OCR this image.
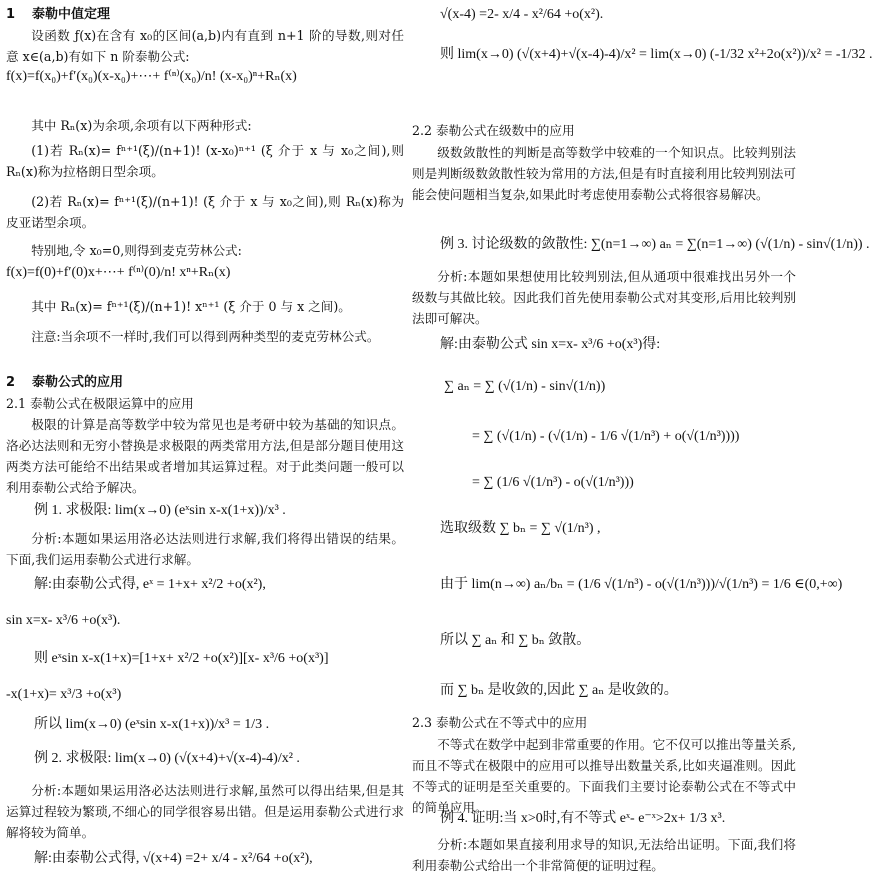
1 泰勒中值定理

设函数 ƒ(x)在含有 x₀的区间(a,b)内有直到 n+1 阶的导数,则对任意 x∈(a,b)有如下 n 阶泰勒公式:

f(x)=f(x₀)+f′(x₀)(x-x₀)+⋯+ f⁽ⁿ⁾(x₀)/n! (x-x₀)ⁿ+Rₙ(x)

其中 Rₙ(x)为余项,余项有以下两种形式:

(1)若 Rₙ(x)= fⁿ⁺¹(ξ)/(n+1)! (x-x₀)ⁿ⁺¹ (ξ 介于 x 与 x₀之间),则 Rₙ(x)称为拉格朗日型余项。

(2)若 Rₙ(x)= fⁿ⁺¹(ξ)/(n+1)! (ξ 介于 x 与 x₀之间),则 Rₙ(x)称为皮亚诺型余项。

特别地,令 x₀=0,则得到麦克劳林公式:

f(x)=f(0)+f′(0)x+⋯+ f⁽ⁿ⁾(0)/n! xⁿ+Rₙ(x)

其中 Rₙ(x)= fⁿ⁺¹(ξ)/(n+1)! xⁿ⁺¹ (ξ 介于 0 与 x 之间)。

注意:当余项不一样时,我们可以得到两种类型的麦克劳林公式。

2 泰勒公式的应用
2.1 泰勒公式在极限运算中的应用

极限的计算是高等数学中较为常见也是考研中较为基础的知识点。洛必达法则和无穷小替换是求极限的两类常用方法,但是部分题目使用这两类方法可能给不出结果或者增加其运算过程。对于此类问题一般可以利用泰勒公式给予解决。

例 1. 求极限: lim(x→0) (eˣsin x-x(1+x))/x³ .

分析:本题如果运用洛必达法则进行求解,我们将得出错误的结果。下面,我们运用泰勒公式进行求解。

解:由泰勒公式得, eˣ = 1+x+ x²/2 +o(x²),
sin x=x- x³/6 +o(x³).
则 eˣsin x-x(1+x)=[1+x+ x²/2 +o(x²)][x- x³/6 +o(x³)]
-x(1+x)= x³/3 +o(x³)
所以 lim(x→0) (eˣsin x-x(1+x))/x³ = 1/3 .
例 2. 求极限: lim(x→0) (√(x+4)+√(x-4)-4)/x² .

分析:本题如果运用洛必达法则进行求解,虽然可以得出结果,但是其运算过程较为繁琐,不细心的同学很容易出错。但是运用泰勒公式进行求解将较为简单。

解:由泰勒公式得, √(x+4) =2+ x/4 - x²/64 +o(x²),
√(x-4) =2- x/4 - x²/64 +o(x²).
则 lim(x→0) (√(x+4)+√(x-4)-4)/x² = lim(x→0) (-1/32 x²+2o(x²))/x² = -1/32 .
2.2 泰勒公式在级数中的应用

级数敛散性的判断是高等数学中较难的一个知识点。比较判别法则是判断级数敛散性较为常用的方法,但是有时直接利用比较判别法可能会使问题相当复杂,如果此时考虑使用泰勒公式将很容易解决。

例 3. 讨论级数的敛散性: ∑(n=1→∞) aₙ = ∑(n=1→∞) (√(1/n) - sin√(1/n)) .

分析:本题如果想使用比较判别法,但从通项中很难找出另外一个级数与其做比较。因此我们首先使用泰勒公式对其变形,后用比较判别法即可解决。

解:由泰勒公式 sin x=x- x³/6 +o(x³)得:
∑ aₙ = ∑ (√(1/n) - sin√(1/n))
= ∑ (√(1/n) - (√(1/n) - 1/6 √(1/n³) + o(√(1/n³))))
= ∑ (1/6 √(1/n³) - o(√(1/n³)))
选取级数 ∑ bₙ = ∑ √(1/n³) ,
由于 lim(n→∞) aₙ/bₙ = (1/6 √(1/n³) - o(√(1/n³)))/√(1/n³) = 1/6 ∈(0,+∞)
所以 ∑ aₙ 和 ∑ bₙ 敛散。
而 ∑ bₙ 是收敛的,因此 ∑ aₙ 是收敛的。
2.3 泰勒公式在不等式中的应用

不等式在数学中起到非常重要的作用。它不仅可以推出等量关系,而且不等式在极限中的应用可以推导出数量关系,比如夹逼准则。因此不等式的证明是至关重要的。下面我们主要讨论泰勒公式在不等式中的简单应用。

例 4. 证明:当 x>0时,有不等式 eˣ- e⁻ˣ>2x+ 1/3 x³.

分析:本题如果直接利用求导的知识,无法给出证明。下面,我们将利用泰勒公式给出一个非常简便的证明过程。
